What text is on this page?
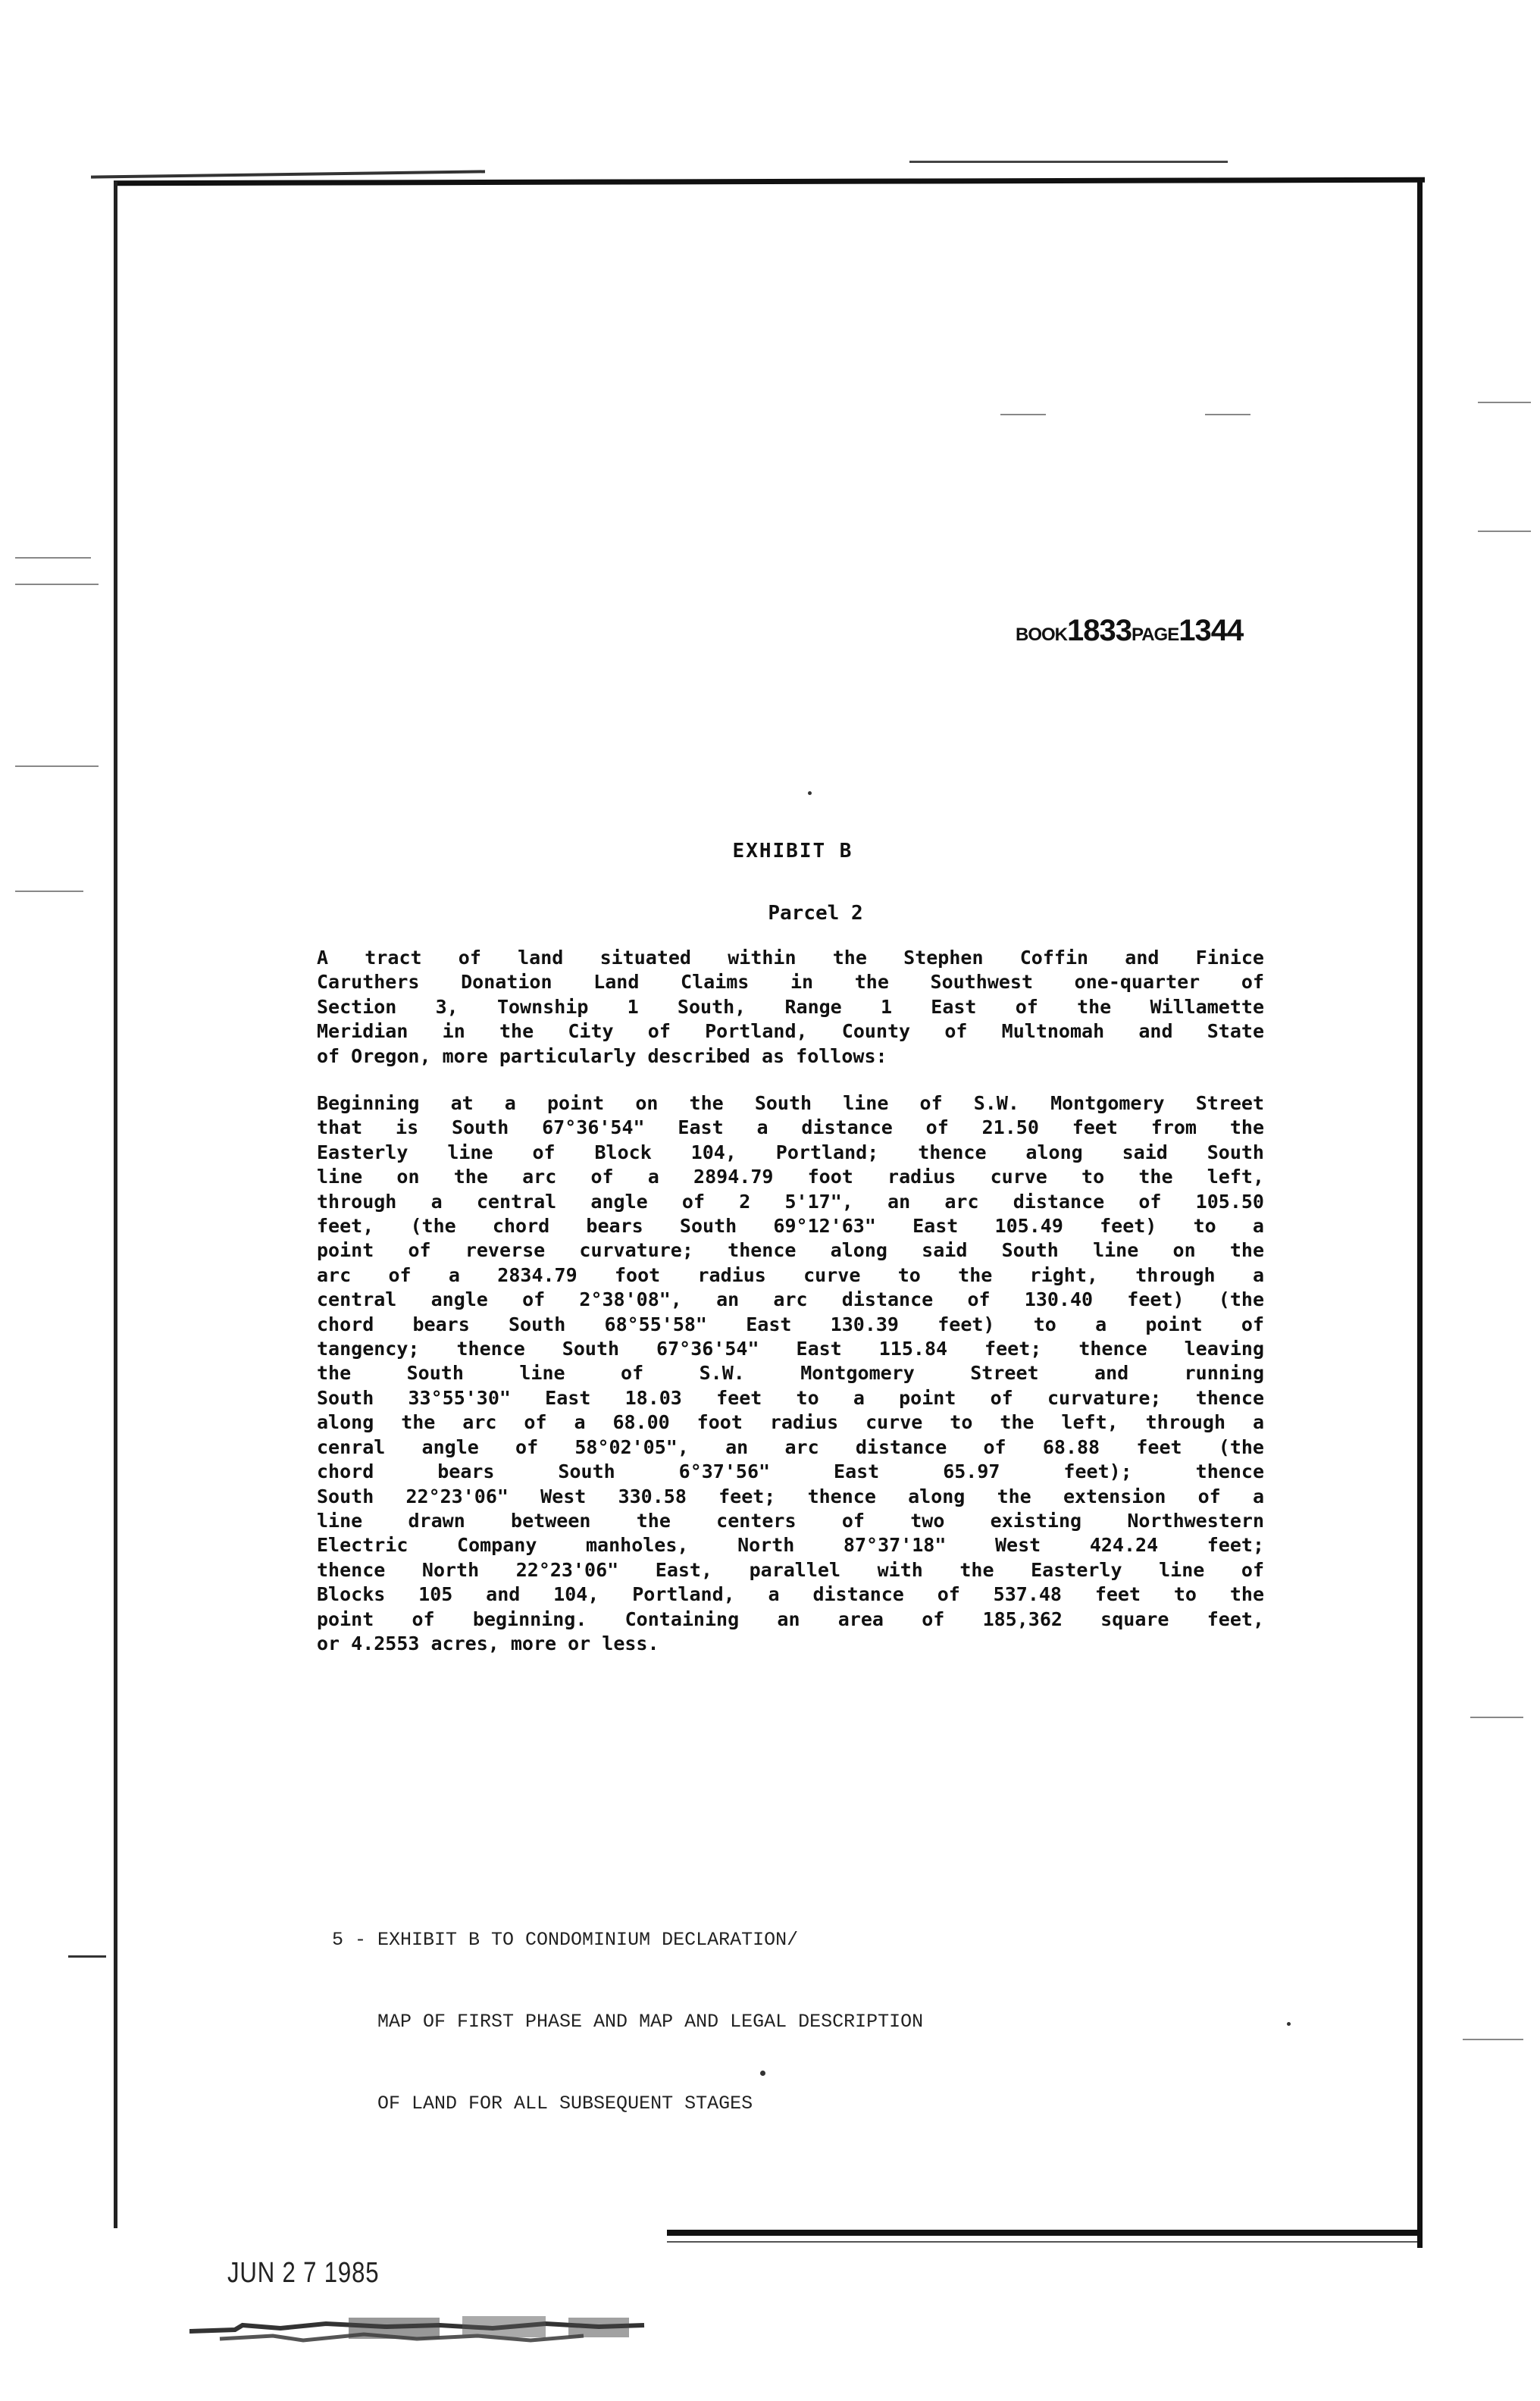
BOOK1833PAGE1344
EXHIBIT B
Parcel 2
A tract of land situated within the Stephen Coffin and Finice
Caruthers Donation Land Claims in the Southwest one-quarter of
Section 3, Township 1 South, Range 1 East of the Willamette
Meridian in the City of Portland, County of Multnomah and State
of Oregon, more particularly described as follows:
Beginning at a point on the South line of S.W. Montgomery Street
that is South 67°36'54" East a distance of 21.50 feet from the
Easterly line of Block 104, Portland; thence along said South
line on the arc of a 2894.79 foot radius curve to the left,
through a central angle of 2 5'17", an arc distance of 105.50
feet, (the chord bears South 69°12'63" East 105.49 feet) to a
point of reverse curvature; thence along said South line on the
arc of a 2834.79 foot radius curve to the right, through a
central angle of 2°38'08", an arc distance of 130.40 feet) (the
chord bears South 68°55'58" East 130.39 feet) to a point of
tangency; thence South 67°36'54" East 115.84 feet; thence leaving
the South line of S.W. Montgomery Street and running
South 33°55'30" East 18.03 feet to a point of curvature; thence
along the arc of a 68.00 foot radius curve to the left, through a
cenral angle of 58°02'05", an arc distance of 68.88 feet (the
chord bears South 6°37'56" East 65.97 feet); thence
South 22°23'06" West 330.58 feet; thence along the extension of a
line drawn between the centers of two existing Northwestern
Electric Company manholes, North 87°37'18" West 424.24 feet;
thence North 22°23'06" East, parallel with the Easterly line of
Blocks 105 and 104, Portland, a distance of 537.48 feet to the
point of beginning. Containing an area of 185,362 square feet,
or 4.2553 acres, more or less.

5 - EXHIBIT B TO CONDOMINIUM DECLARATION/

MAP OF FIRST PHASE AND MAP AND LEGAL DESCRIPTION

OF LAND FOR ALL SUBSEQUENT STAGES

JUN 2 7 1985
